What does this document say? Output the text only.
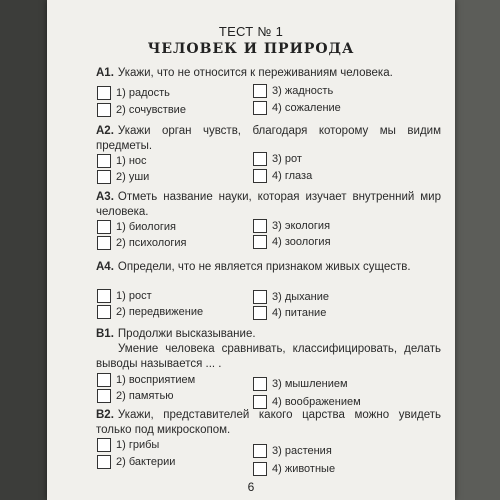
ТЕСТ № 1
ЧЕЛОВЕК И ПРИРОДА
А1. Укажи, что не относится к переживаниям человека.
1) радость
2) сочувствие
3) жадность
4) сожаление
А2. Укажи орган чувств, благодаря которому мы видим предметы.
1) нос
2) уши
3) рот
4) глаза
А3. Отметь название науки, которая изучает внутренний мир человека.
1) биология
2) психология
3) экология
4) зоология
А4. Определи, что не является признаком живых существ.
1) рост
2) передвижение
3) дыхание
4) питание
В1. Продолжи высказывание.
Умение человека сравнивать, классифицировать, делать выводы называется ... .
1) восприятием
2) памятью
3) мышлением
4) воображением
В2. Укажи, представителей какого царства можно увидеть только под микроскопом.
1) грибы
2) бактерии
3) растения
4) животные
6
